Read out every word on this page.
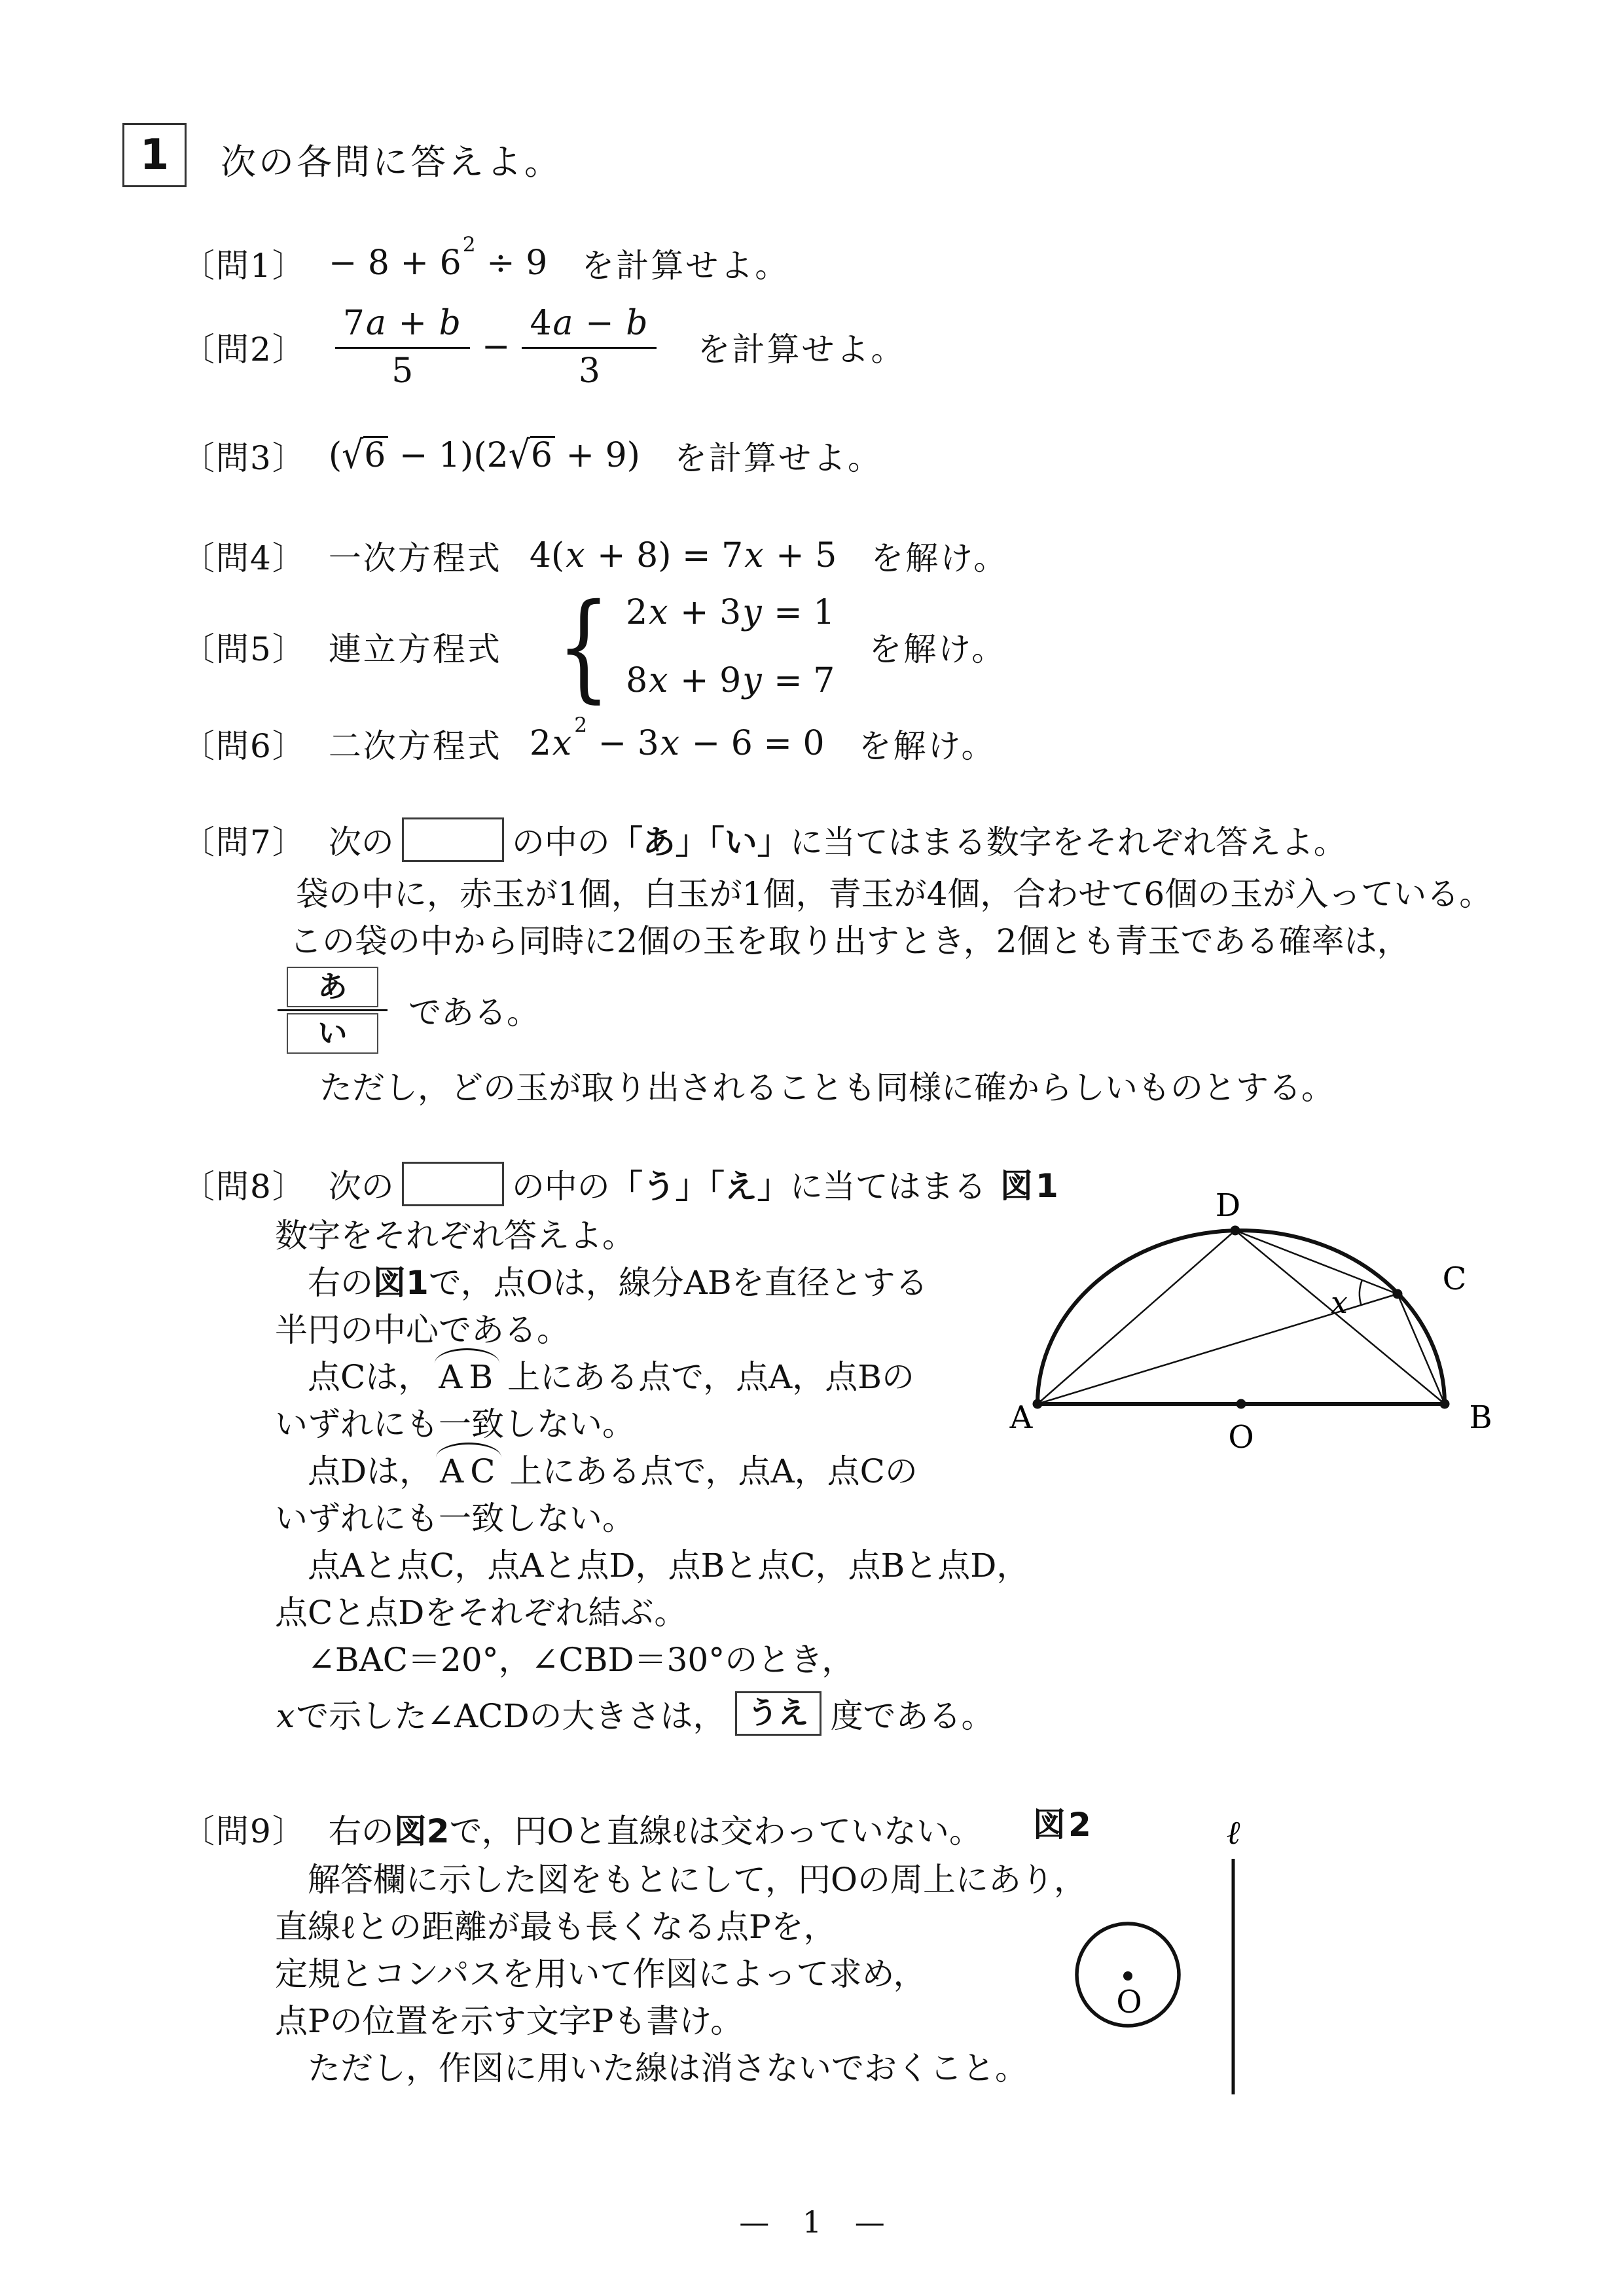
1 次の各問に答えよ。
〔問1〕 − $8 + 6^2 \div 9$ を計算せよ。
〔問2〕 $\frac{7a + b}{5} - \frac{4a - b}{3}$ を計算せよ。
〔問3〕 (√6 − 1)(2√6 + 9) を計算せよ。
〔問4〕 一次方程式 4(x + 8) = 7x + 5 を解け。
〔問5〕 連立方程式 { 2x + 3y = 1
8x + 9y = 7
を解け。
〔問6〕 二次方程式 2x $^2$ − 3x − 6 = 0 を解け。
〔問7〕 次の	の中の 「あ」「い」 に当てはまる数字をそれぞれ答えよ。
袋の中に，赤玉が1個，白玉が1個，青玉が4個，合わせて6個の玉が入っている。
この袋の中から同時に2個の玉を取り出すとき，2個とも青玉である確率は，
あ
い
である。
ただし，どの玉が取り出されることも同様に確からしいものとする。
〔問8〕 次の	の中の 「う」「え」 に当てはまる
数字をそれぞれ答えよ。
　右の図1で，点Oは，線分ABを直径とする
半円の中心である。
　点Cは， AB 上にある点で，点A，点Bの
いずれにも一致しない。
　点Dは， AC 上にある点で，点A，点Cの
いずれにも一致しない。
　点Aと点C，点Aと点D，点Bと点C，点Bと点D，
点Cと点Dをそれぞれ結ぶ。
　∠BAC＝20°，∠CBD＝30°のとき，
xで示した∠ACDの大きさは， うえ 度である。
図1
A	B
O
D
C
x
〔問9〕 右の 図2 で，円Oと直線ℓは交わっていない。
　解答欄に示した図をもとにして，円Oの周上にあり，
直線ℓとの距離が最も長くなる点Pを，
定規とコンパスを用いて作図によって求め，
点Pの位置を示す文字Pも書け。
　ただし，作図に用いた線は消さないでおくこと。
図2
O
ℓ
— 1 —
